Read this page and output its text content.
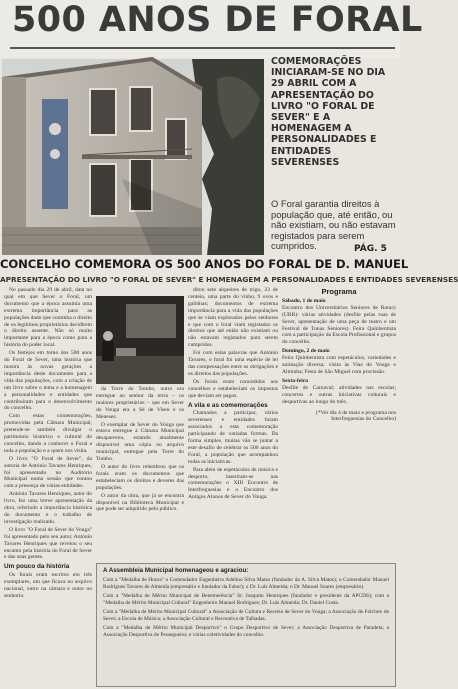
500 ANOS DE FORAL
COMEMORAÇÕES INICIARAM-SE NO DIA 29 ABRIL COM A APRESENTAÇÃO DO LIVRO "O FORAL DE SEVER" E A HOMENAGEM A PERSONALIDADES E ENTIDADES SEVERENSES
O Foral garantia direitos à população que, até então, ou não existiam, ou não estavam registados para serem cumpridos.	PÁG. 5
CONCELHO COMEMORA OS 500 ANOS DO FORAL DE D. MANUEL
APRESENTAÇÃO DO LIVRO "O FORAL DE SEVER" E HOMENAGEM A PERSONALIDADES E ENTIDADES SEVERENSES

No passado dia 29 de abril, data no qual em que Sever o Foral, um documento que a época assumia uma extrema importância para as populações dado que continha o direito de os legítimos proprietários decidirem o direito assente. Não só muito importante para a época como para a história do poder local.

Os festejos em torno dos 500 anos do Foral de Sever, uma história que mostra às novas gerações a importância deste documento para a vida das populações, com a criação de um livro sobre o tema e a homenagem a personalidades e entidades que contribuíram para o desenvolvimento do concelho.

Com estas comemorações, promovidas pela Câmara Municipal, pretende-se também divulgar o património histórico e cultural do concelho, dando a conhecer o Foral a toda a população e a quem nos visita.

O livro "O Foral de Sever", da autoria de António Tavares Henriques, foi apresentado no Auditório Municipal numa sessão que contou com a presença de várias entidades.

António Tavares Henriques, autor do livro, fez uma breve apresentação da obra, referindo a importância histórica do documento e o trabalho de investigação realizado.

O livro "O Foral de Sever do Vouga" foi apresentado pelo seu autor, António Tavares Henriques que revelou o seu encanto pela história do Foral de Sever e das suas gentes.

Um pouco da história

Os forais eram escritos em três exemplares, um que ficava no arquivo nacional, outro na câmara e outro no senhorio.

da Torre do Tombo, outro era entregue ao senhor da terra – os maiores proprietários – que em Sever do Vouga era a Sé de Viseu e os Meneses.

O exemplar de Sever do Vouga que estava entregue à Câmara Municipal desapareceu, estando atualmente disponível uma cópia no arquivo municipal, entregue pela Torre do Tombo.

O autor do livro relembrou que os forais eram os documentos que estabeleciam os direitos e deveres das populações.

O autor da obra, que já se encontra disponível na Biblioteca Municipal e que pode ser adquirido pelo público.

ditou sete alqueires de trigo, 23 de centeio, uma parte do vinho, 9 ovos e galinhas; documentos de extrema importância para a vida das populações que se viam explorados pelos senhores e que com o foral viam registados os direitos que até então não existiam ou não estavam registados para serem cumpridos.

Foi com estas palavras que António Tavares, o foral foi uma espécie de lei das compensações entre as obrigações e os direitos das populações.

Os forais eram concedidos aos concelhos e estabeleciam os impostos que deviam ser pagos.

A vila e as comemorações

Chamados a participar, vários severenses e entidades foram associados a esta comemoração participando de variadas formas. Da forma simples, muitas vão se juntar a este desafio de celebrar os 500 anos do Foral, a população que acompanhou todas as iniciativas.

Para além de espetáculos de música e desporto, inseriram-se nas comemorações o XIII Encontro de Interfreguesias e o Encontro dos Antigos Alunos de Sever do Vouga.

Programa

Sábado, 1 de maio

Encontro dos Universitários Seniores de Rotary (URR): várias atividades (desfile pelas ruas de Sever, apresentação de uma peça de teatro e um Festival de Tunas Seniores). Feira Quinhentista com a participação da Escola Profissional e grupos do concelho.

Domingo, 2 de maio

Feira Quinhentista com espetáculos, variedades e animação diversa; visita às Vias do Vouga e Alminha; Festa de São Miguel com procissão.

Sexta-feira

Desfile de Carnaval; atividades nas escolas; concertos e outras iniciativas culturais e desportivas ao longo do mês.

(*Ver dia 4 de maio e programa nos Interfreguesias do Concelho)

A Assembleia Municipal homenageou e agraciou:

Com a "Medalha de Honra" o Comendador Engenheiro Adelino Silva Matos (fundador da A. Silva Matos); o Comendador Manuel Rodrigues Tavares de Almeida (empresário e fundador da Fabor); o Dr. Luís Almeida; o Dr. Manuel Soares (empresário).

Com a "Medalha de Mérito Municipal de Benemerência" Sr. Joaquim Henriques (fundador e presidente da APCDS); com a "Medalha de Mérito Municipal Cultural" Engenheiro Manuel Rodrigues; Dr. Luís Almeida; Dr. Daniel Costa.

Com a "Medalha de Mérito Municipal Cultural" a Associação de Cultura e Recreio de Sever do Vouga; a Associação de Folclore de Sever; a Escola de Música; a Associação Cultural e Recreativa de Talhadas.

Com a "Medalha de Mérito Municipal Desportivo" o Grupo Desportivo de Sever; a Associação Desportiva de Paradela; a Associação Desportiva de Pessegueiro; e várias coletividades do concelho.
